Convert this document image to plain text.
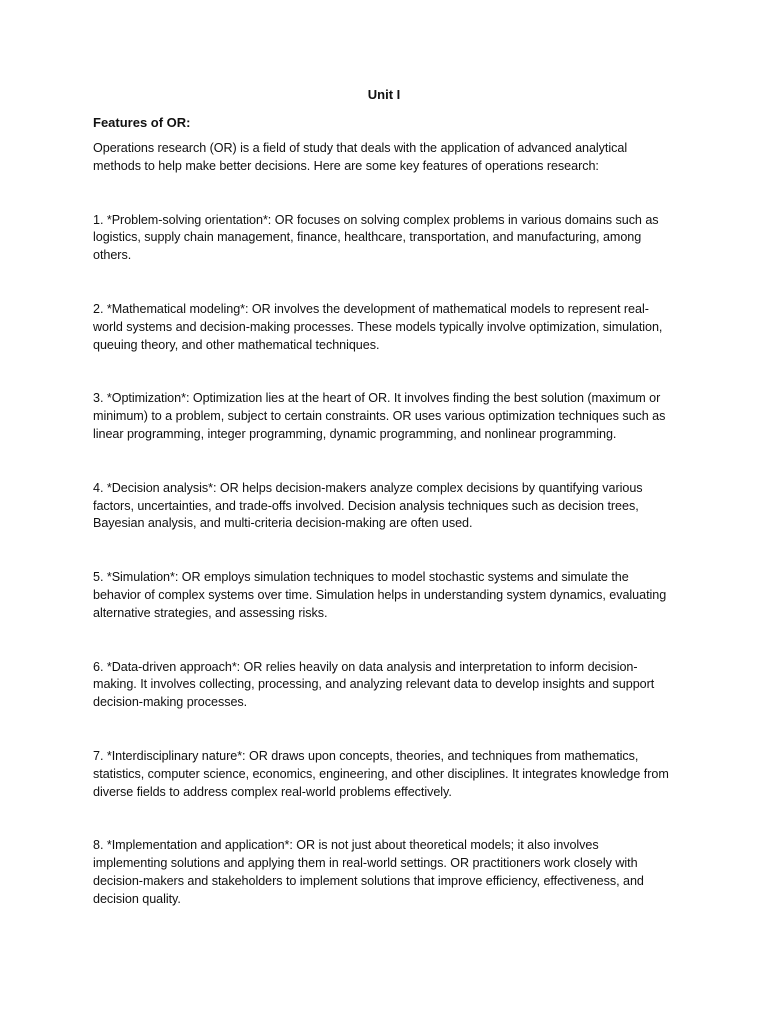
Unit I

Features of OR:

Operations research (OR) is a field of study that deals with the application of advanced analytical methods to help make better decisions. Here are some key features of operations research:

1. *Problem-solving orientation*: OR focuses on solving complex problems in various domains such as logistics, supply chain management, finance, healthcare, transportation, and manufacturing, among others.

2. *Mathematical modeling*: OR involves the development of mathematical models to represent real-world systems and decision-making processes. These models typically involve optimization, simulation, queuing theory, and other mathematical techniques.

3. *Optimization*: Optimization lies at the heart of OR. It involves finding the best solution (maximum or minimum) to a problem, subject to certain constraints. OR uses various optimization techniques such as linear programming, integer programming, dynamic programming, and nonlinear programming.

4. *Decision analysis*: OR helps decision-makers analyze complex decisions by quantifying various factors, uncertainties, and trade-offs involved. Decision analysis techniques such as decision trees, Bayesian analysis, and multi-criteria decision-making are often used.

5. *Simulation*: OR employs simulation techniques to model stochastic systems and simulate the behavior of complex systems over time. Simulation helps in understanding system dynamics, evaluating alternative strategies, and assessing risks.

6. *Data-driven approach*: OR relies heavily on data analysis and interpretation to inform decision-making. It involves collecting, processing, and analyzing relevant data to develop insights and support decision-making processes.

7. *Interdisciplinary nature*: OR draws upon concepts, theories, and techniques from mathematics, statistics, computer science, economics, engineering, and other disciplines. It integrates knowledge from diverse fields to address complex real-world problems effectively.

8. *Implementation and application*: OR is not just about theoretical models; it also involves implementing solutions and applying them in real-world settings. OR practitioners work closely with decision-makers and stakeholders to implement solutions that improve efficiency, effectiveness, and decision quality.
